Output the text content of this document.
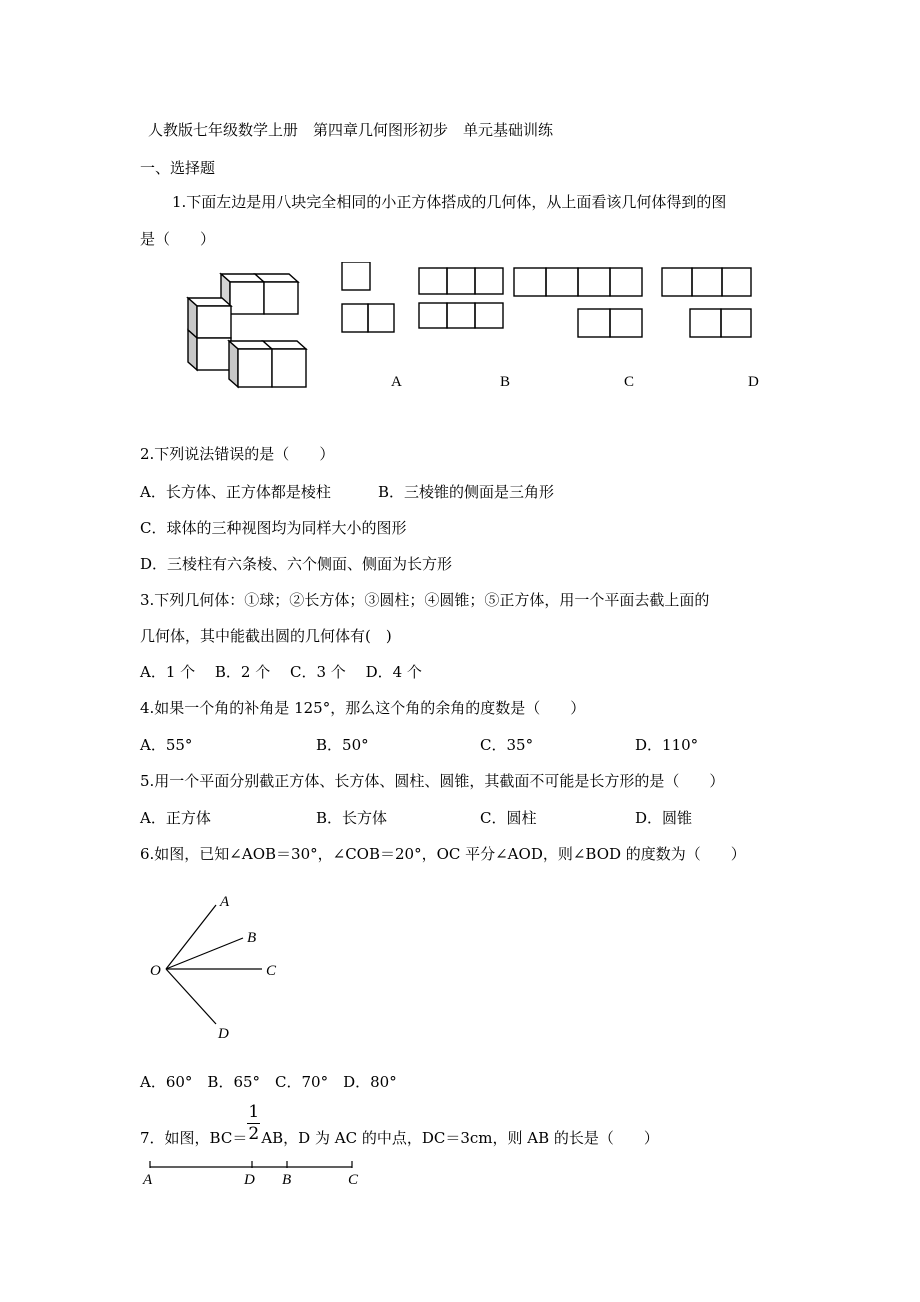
人教版七年级数学上册　第四章几何图形初步　单元基础训练
一、选择题
1.下面左边是用八块完全相同的小正方体搭成的几何体，从上面看该几何体得到的图
是（　　）
A	B	C	D
2.下列说法错误的是（　　）
A．长方体、正方体都是棱柱	B．三棱锥的侧面是三角形
C．球体的三种视图均为同样大小的图形
D．三棱柱有六条棱、六个侧面、侧面为长方形
3.下列几何体：①球；②长方体；③圆柱；④圆锥；⑤正方体，用一个平面去截上面的
几何体，其中能截出圆的几何体有(　)
A．1 个　 B．2 个　 C．3 个　 D．4 个
4.如果一个角的补角是 125°，那么这个角的余角的度数是（　　）
A．55°	B．50°	C．35°	D．110°
5.用一个平面分别截正方体、长方体、圆柱、圆锥，其截面不可能是长方形的是（　　）
A．正方体	B．长方体	C．圆柱	D．圆锥
6.如图，已知∠AOB＝30°，∠COB＝20°，OC 平分∠AOD，则∠BOD 的度数为（　　）
A
B
C
D
O
A．60°　B．65°　C．70°　D．80°
7．如图，$BC= \frac{1}{2}$ AB，D 为 AC 的中点，DC＝3cm，则 AB 的长是（　　）
A	D B	C
